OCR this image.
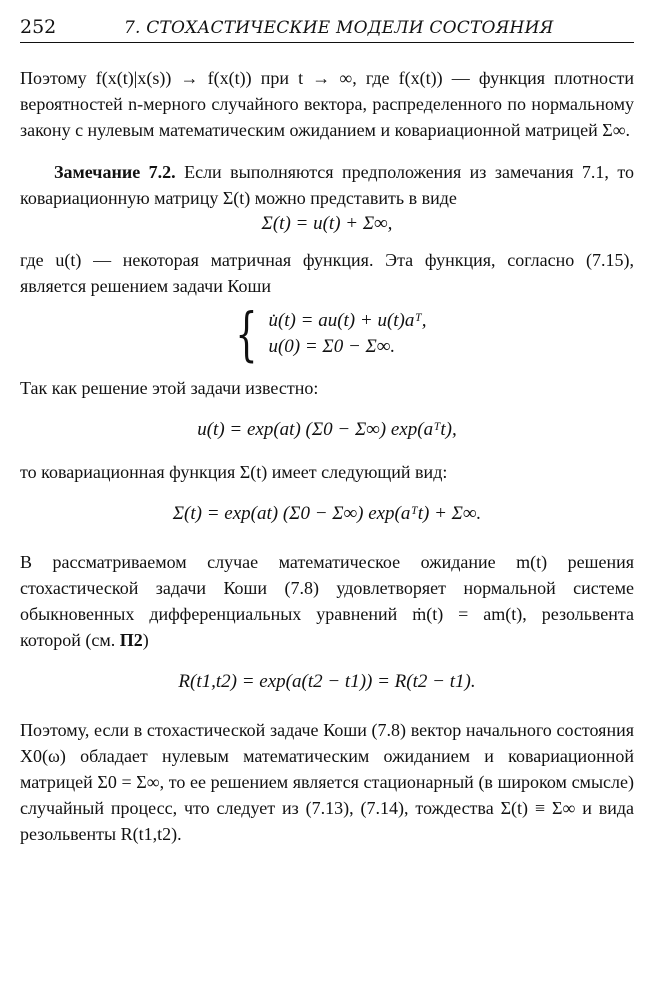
252	7. СТОХАСТИЧЕСКИЕ МОДЕЛИ СОСТОЯНИЯ

Поэтому f(x(t)|x(s)) → f(x(t)) при t → ∞, где f(x(t)) — функция плотности вероятностей n-мерного случайного вектора, распределенного по нормальному закону с нулевым математическим ожиданием и ковариационной матрицей Σ∞.

Замечание 7.2. Если выполняются предположения из замечания 7.1, то ковариационную матрицу Σ(t) можно представить в виде

Σ(t) = u(t) + Σ∞,

где u(t) — некоторая матричная функция. Эта функция, согласно (7.15), является решением задачи Коши

{ u̇(t) = au(t) + u(t)aᵀ,
u(0) = Σ0 − Σ∞.

Так как решение этой задачи известно:

u(t) = exp(at) (Σ0 − Σ∞) exp(aᵀt),

то ковариационная функция Σ(t) имеет следующий вид:

Σ(t) = exp(at) (Σ0 − Σ∞) exp(aᵀt) + Σ∞.

В рассматриваемом случае математическое ожидание m(t) решения стохастической задачи Коши (7.8) удовлетворяет нормальной системе обыкновенных дифференциальных уравнений ṁ(t) = am(t), резольвента которой (см. П2)

R(t1,t2) = exp(a(t2 − t1)) = R(t2 − t1).

Поэтому, если в стохастической задаче Коши (7.8) вектор начального состояния X0(ω) обладает нулевым математическим ожиданием и ковариационной матрицей Σ0 = Σ∞, то ее решением является стационарный (в широком смысле) случайный процесс, что следует из (7.13), (7.14), тождества Σ(t) ≡ Σ∞ и вида резольвенты R(t1,t2).
